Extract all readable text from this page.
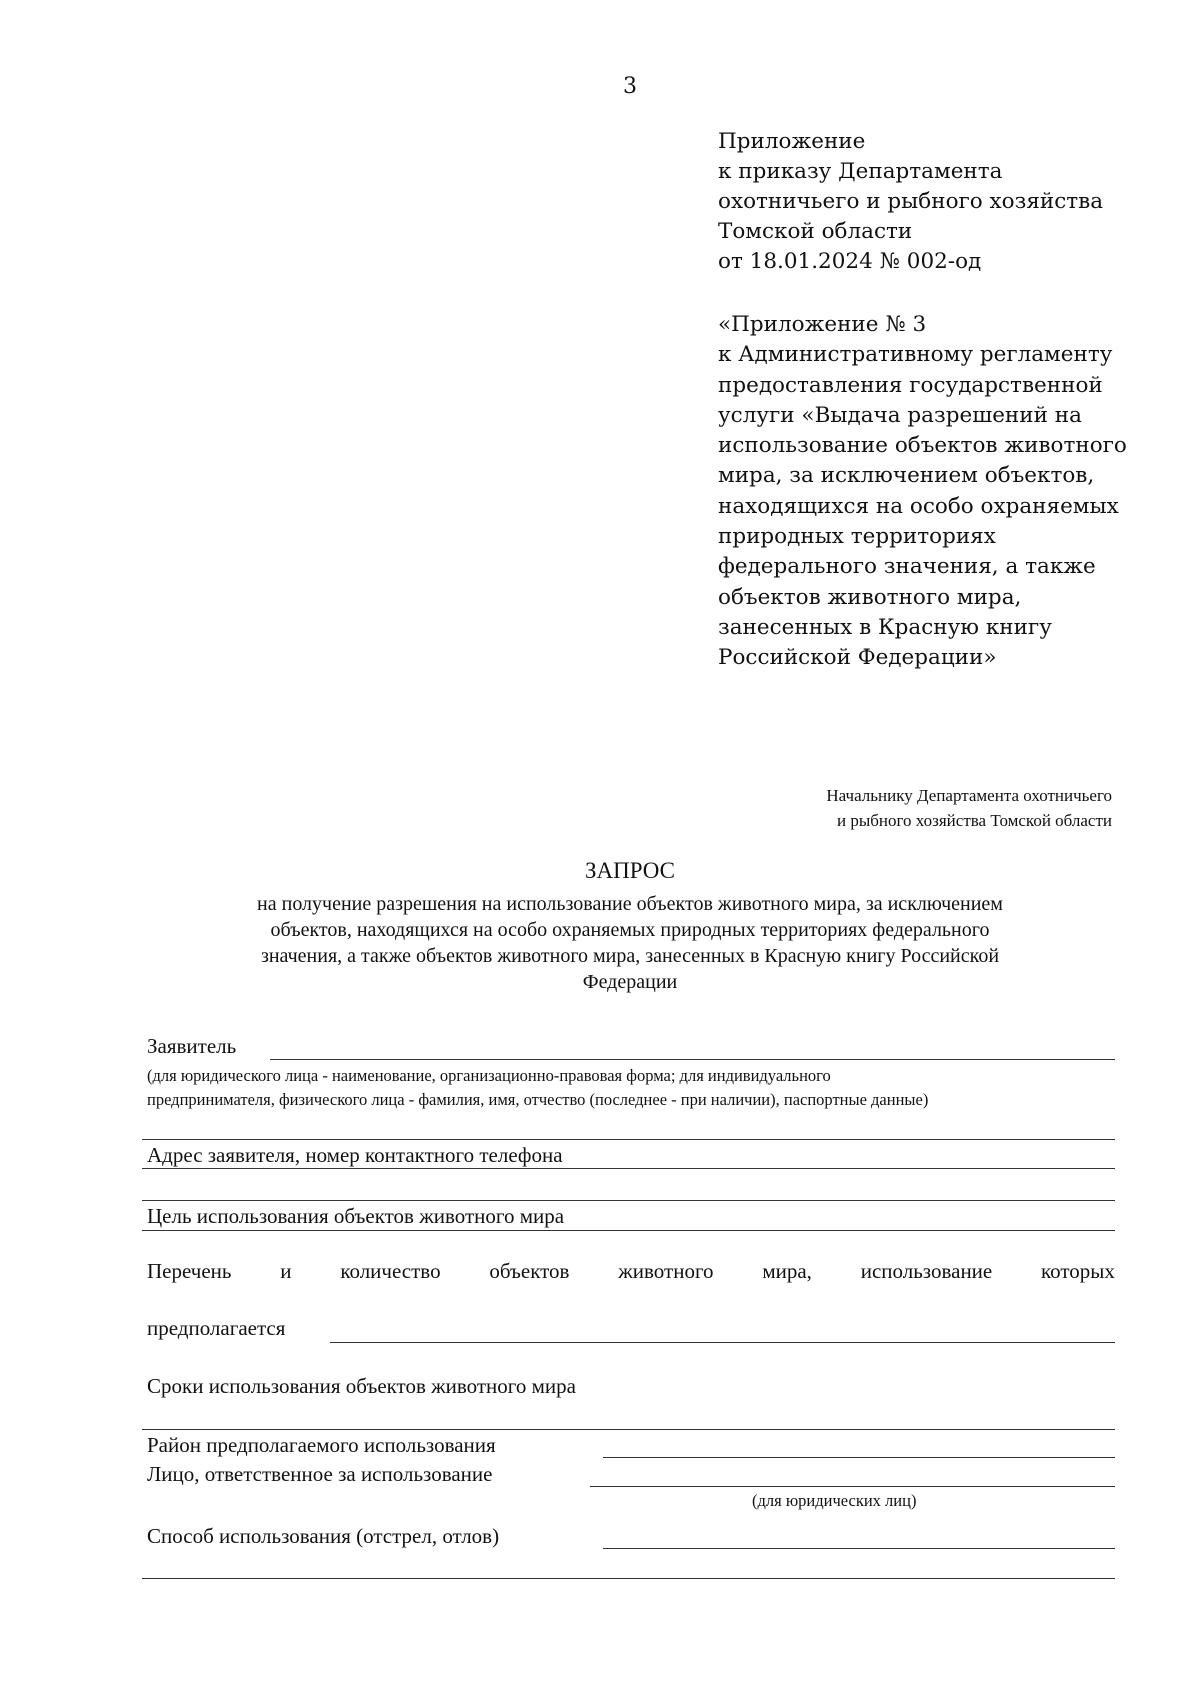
3
Приложение
к приказу Департамента
охотничьего и рыбного хозяйства
Томской области
от 18.01.2024 № 002-од
«Приложение № 3
к Административному регламенту
предоставления государственной
услуги «Выдача разрешений на
использование объектов животного
мира, за исключением объектов,
находящихся на особо охраняемых
природных территориях
федерального значения, а также
объектов животного мира,
занесенных в Красную книгу
Российской Федерации»
Начальнику Департамента охотничьего
и рыбного хозяйства Томской области
ЗАПРОС
на получение разрешения на использование объектов животного мира, за исключением
объектов, находящихся на особо охраняемых природных территориях федерального
значения, а также объектов животного мира, занесенных в Красную книгу Российской
Федерации
Заявитель
(для юридического лица - наименование, организационно-правовая форма; для индивидуального
предпринимателя, физического лица - фамилия, имя, отчество (последнее - при наличии), паспортные данные)
Адрес заявителя, номер контактного телефона
Цель использования объектов животного мира
Перечень и количество объектов животного мира, использование которых
предполагается
Сроки использования объектов животного мира
Район предполагаемого использования
Лицо, ответственное за использование
(для юридических лиц)
Способ использования (отстрел, отлов)
